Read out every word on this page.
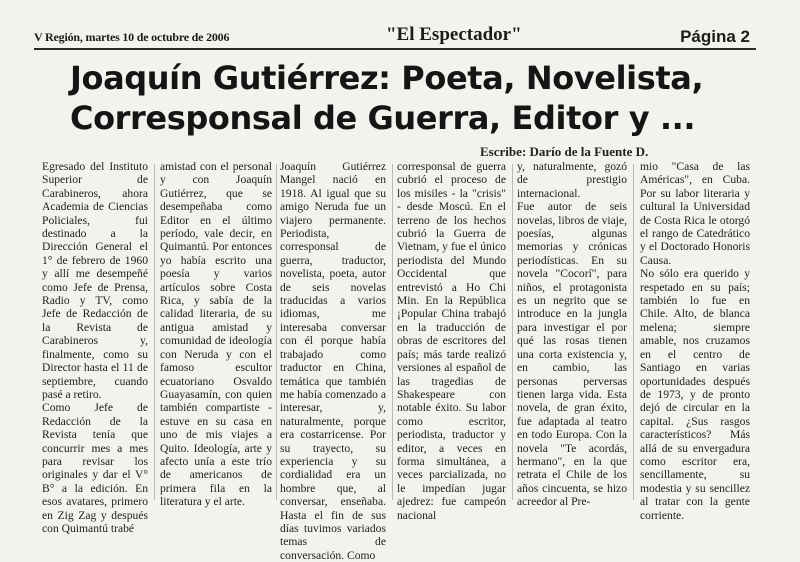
V Región, martes 10 de octubre de 2006	"El Espectador"	Página 2
Joaquín Gutiérrez: Poeta, Novelista,
Corresponsal de Guerra, Editor y ...
Escribe: Darío de la Fuente D.
Egresado del Instituto Superior de Carabineros, ahora Academia de Ciencias Policiales, fui destinado a la Dirección General el 1° de febrero de 1960 y allí me desempeñé como Jefe de Prensa, Radio y TV, como Jefe de Redacción de la Revista de Carabineros y, finalmente, como su Director hasta el 11 de septiembre, cuando pasé a retiro.
Como Jefe de Redacción de la Revista tenía que concurrir mes a mes para revisar los originales y dar el V° B° a la edición. En esos avatares, primero en Zig Zag y después con Quimantú trabé
amistad con el personal y con Joaquín Gutiérrez, que se desempeñaba como Editor en el último período, vale decir, en Quimantú. Por entonces yo había escrito una poesía y varios artículos sobre Costa Rica, y sabía de la calidad literaria, de su antigua amistad y comunidad de ideología con Neruda y con el famoso escultor ecuatoriano Osvaldo Guayasamín, con quien también compartiste - estuve en su casa en uno de mis viajes a Quito. Ideología, arte y afecto unía a este trío de americanos de primera fila en la literatura y el arte.
Joaquín Gutiérrez Mangel nació en 1918. Al igual que su amigo Neruda fue un viajero permanente. Periodista, corresponsal de guerra, traductor, novelista, poeta, autor de seis novelas traducidas a varios idiomas, me interesaba conversar con él porque había trabajado como traductor en China, temática que también me había comenzado a interesar, y, naturalmente, porque era costarricense. Por su trayecto, su experiencia y su cordialidad era un hombre que, al conversar, enseñaba. Hasta el fin de sus días tuvimos variados temas de conversación. Como
corresponsal de guerra cubrió el proceso de los misiles - la "crisis" - desde Moscú. En el terreno de los hechos cubrió la Guerra de Vietnam, y fue el único periodista del Mundo Occidental que entrevistó a Ho Chi Min. En la República ¡Popular China trabajó en la traducción de obras de escritores del país; más tarde realizó versiones al español de las tragedias de Shakespeare con notable éxito. Su labor como escritor, periodista, traductor y editor, a veces en forma simultánea, a veces parcializada, no le impedían jugar ajedrez: fue campeón nacional
y, naturalmente, gozó de prestigio internacional.
Fue autor de seis novelas, libros de viaje, poesías, algunas memorias y crónicas periodísticas. En su novela "Cocorí", para niños, el protagonista es un negrito que se introduce en la jungla para investigar el por qué las rosas tienen una corta existencia y, en cambio, las personas perversas tienen larga vida. Esta novela, de gran éxito, fue adaptada al teatro en todo Europa. Con la novela "Te acordás, hermano", en la que retrata el Chile de los años cincuenta, se hizo acreedor al Pre-
mio "Casa de las Américas", en Cuba. Por su labor literaria y cultural la Universidad de Costa Rica le otorgó el rango de Catedrático y el Doctorado Honoris Causa.
No sólo era querido y respetado en su país; también lo fue en Chile. Alto, de blanca melena; siempre amable, nos cruzamos en el centro de Santiago en varias oportunidades después de 1973, y de pronto dejó de circular en la capital. ¿Sus rasgos característicos? Más allá de su envergadura como escritor era, sencillamente, su modestia y su sencillez al tratar con la gente corriente.
